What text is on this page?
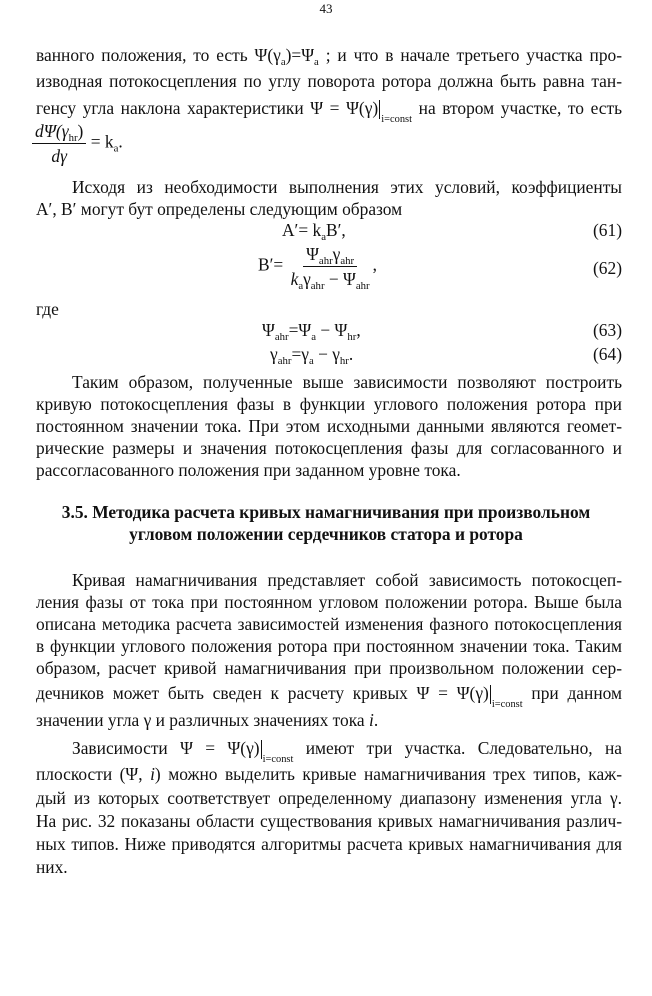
43
ванного положения, то есть $\Psi(\gamma_a)=\Psi_a$ ; и что в начале третьего участка про-
изводная потокосцепления по углу поворота ротора должна быть равна тан-
генсу угла наклона характеристики Ψ = Ψ(γ)i=const на втором участке, то есть
$\frac{d\Psi(\gamma_{hr})}{d\gamma} = k_a$.
Исходя из необходимости выполнения этих условий, коэффициенты
A′, B′ могут бут определены следующим образом
$A'= k_aB'$,	(61)
$B'= \frac{\Psi_{ahr}\gamma_{ahr}}{k_a\gamma_{ahr} - \Psi_{ahr}}$ ,	(62)
где
$\Psi_{ahr}=\Psi_a - \Psi_{hr}$,	(63)
$\gamma_{ahr}=\gamma_a - \gamma_{hr}$.	(64)
Таким образом, полученные выше зависимости позволяют построить
кривую потокосцепления фазы в функции углового положения ротора при
постоянном значении тока. При этом исходными данными являются геомет-
рические размеры и значения потокосцепления фазы для согласованного и
рассогласованного положения при заданном уровне тока.
3.5. Методика расчета кривых намагничивания при произвольном
угловом положении сердечников статора и ротора
Кривая намагничивания представляет собой зависимость потокосцеп-
ления фазы от тока при постоянном угловом положении ротора. Выше была
описана методика расчета зависимостей изменения фазного потокосцепления
в функции углового положения ротора при постоянном значении тока. Таким
образом, расчет кривой намагничивания при произвольном положении сер-
дечников может быть сведен к расчету кривых Ψ = Ψ(γ)i=const при данном
значении угла γ и различных значениях тока i.
Зависимости Ψ = Ψ(γ)i=const имеют три участка. Следовательно, на
плоскости (Ψ, i) можно выделить кривые намагничивания трех типов, каж-
дый из которых соответствует определенному диапазону изменения угла γ.
На рис. 32 показаны области существования кривых намагничивания различ-
ных типов. Ниже приводятся алгоритмы расчета кривых намагничивания для
них.
